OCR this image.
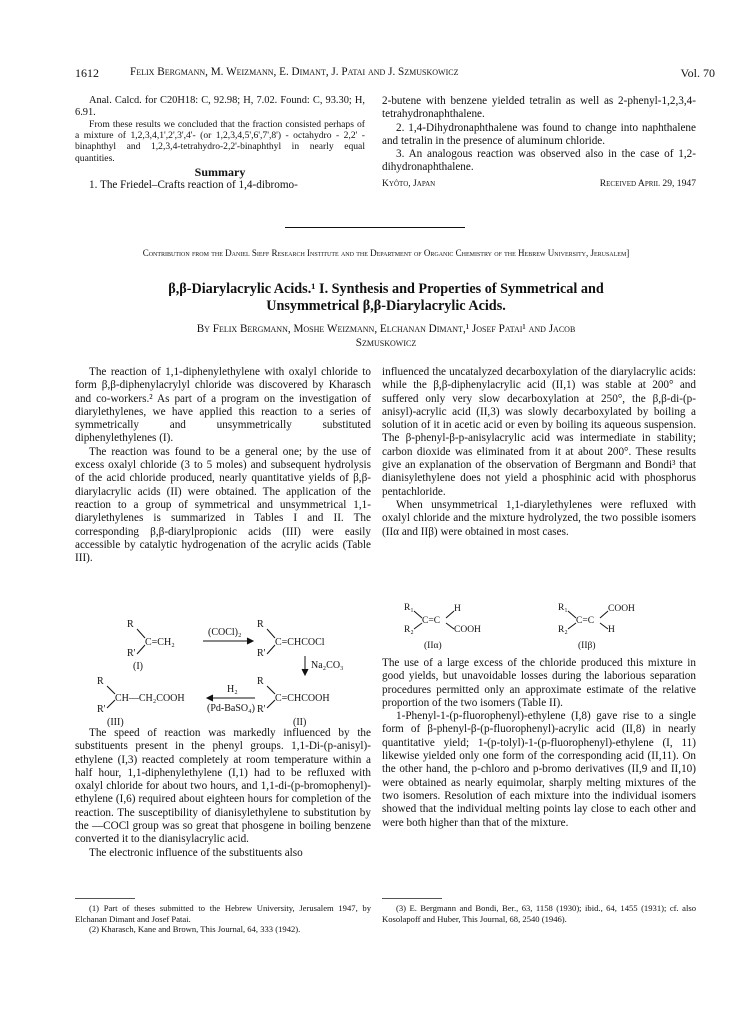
1612	Felix Bergmann, M. Weizmann, E. Dimant, J. Patai and J. Szmuskowicz	Vol. 70

Anal. Calcd. for C20H18: C, 92.98; H, 7.02. Found: C, 93.30; H, 6.91.

From these results we concluded that the fraction consisted perhaps of a mixture of 1,2,3,4,1',2',3',4'- (or 1,2,3,4,5',6',7',8') - octahydro - 2,2' - binaphthyl and 1,2,3,4-tetrahydro-2,2'-binaphthyl in nearly equal quantities.

Summary

1. The Friedel–Crafts reaction of 1,4-dibromo-

2-butene with benzene yielded tetralin as well as 2-phenyl-1,2,3,4-tetrahydronaphthalene.

2. 1,4-Dihydronaphthalene was found to change into naphthalene and tetralin in the presence of aluminum chloride.

3. An analogous reaction was observed also in the case of 1,2-dihydronaphthalene.

Kyôto, Japan	Received April 29, 1947
Contribution from the Daniel Sieff Research Institute and the Department of Organic Chemistry of the Hebrew University, Jerusalem]
β,β-Diarylacrylic Acids.¹ I. Synthesis and Properties of Symmetrical and
Unsymmetrical β,β-Diarylacrylic Acids.
By Felix Bergmann, Moshe Weizmann, Elchanan Dimant,¹ Josef Patai¹ and Jacob
Szmuskowicz

The reaction of 1,1-diphenylethylene with oxalyl chloride to form β,β-diphenylacrylyl chloride was discovered by Kharasch and co-workers.² As part of a program on the investigation of diarylethylenes, we have applied this reaction to a series of symmetrically and unsymmetrically substituted diphenylethylenes (I).

The reaction was found to be a general one; by the use of excess oxalyl chloride (3 to 5 moles) and subsequent hydrolysis of the acid chloride produced, nearly quantitative yields of β,β-diarylacrylic acids (II) were obtained. The application of the reaction to a group of symmetrical and unsymmetrical 1,1-diarylethylenes is summarized in Tables I and II. The corresponding β,β-diarylpropionic acids (III) were easily accessible by catalytic hydrogenation of the acrylic acids (Table III).

R
C=CH₂
R'
(I)
(COCl)₂
R
C=CHCOCl
R'
Na₂CO₃
R
CH—CH₂COOH
R'
(III)
H₂
(Pd-BaSO₄)
R
C=CHCOOH
R'
(II)

The speed of reaction was markedly influenced by the substituents present in the phenyl groups. 1,1-Di-(p-anisyl)-ethylene (I,3) reacted completely at room temperature within a half hour, 1,1-diphenylethylene (I,1) had to be refluxed with oxalyl chloride for about two hours, and 1,1-di-(p-bromophenyl)-ethylene (I,6) required about eighteen hours for completion of the reaction. The susceptibility of dianisylethylene to substitution by the —COCl group was so great that phosgene in boiling benzene converted it to the dianisylacrylic acid.

The electronic influence of the substituents also

(1) Part of theses submitted to the Hebrew University, Jerusalem 1947, by Elchanan Dimant and Josef Patai.

(2) Kharasch, Kane and Brown, This Journal, 64, 333 (1942).

influenced the uncatalyzed decarboxylation of the diarylacrylic acids: while the β,β-diphenylacrylic acid (II,1) was stable at 200° and suffered only very slow decarboxylation at 250°, the β,β-di-(p-anisyl)-acrylic acid (II,3) was slowly decarboxylated by boiling a solution of it in acetic acid or even by boiling its aqueous suspension. The β-phenyl-β-p-anisylacrylic acid was intermediate in stability; carbon dioxide was eliminated from it at about 200°. These results give an explanation of the observation of Bergmann and Bondi³ that dianisylethylene does not yield a phosphinic acid with phosphorus pentachloride.

When unsymmetrical 1,1-diarylethylenes were refluxed with oxalyl chloride and the mixture hydrolyzed, the two possible isomers (IIα and IIβ) were obtained in most cases.

R₁
C=C
H
COOH
R₂
(IIα)
R₁
C=C
COOH
H
R₂
(IIβ)

The use of a large excess of the chloride produced this mixture in good yields, but unavoidable losses during the laborious separation procedures permitted only an approximate estimate of the relative proportion of the two isomers (Table II).

1-Phenyl-1-(p-fluorophenyl)-ethylene (I,8) gave rise to a single form of β-phenyl-β-(p-fluorophenyl)-acrylic acid (II,8) in nearly quantitative yield; 1-(p-tolyl)-1-(p-fluorophenyl)-ethylene (I, 11) likewise yielded only one form of the corresponding acid (II,11). On the other hand, the p-chloro and p-bromo derivatives (II,9 and II,10) were obtained as nearly equimolar, sharply melting mixtures of the two isomers. Resolution of each mixture into the individual isomers showed that the individual melting points lay close to each other and were both higher than that of the mixture.

(3) E. Bergmann and Bondi, Ber., 63, 1158 (1930); ibid., 64, 1455 (1931); cf. also Kosolapoff and Huber, This Journal, 68, 2540 (1946).
